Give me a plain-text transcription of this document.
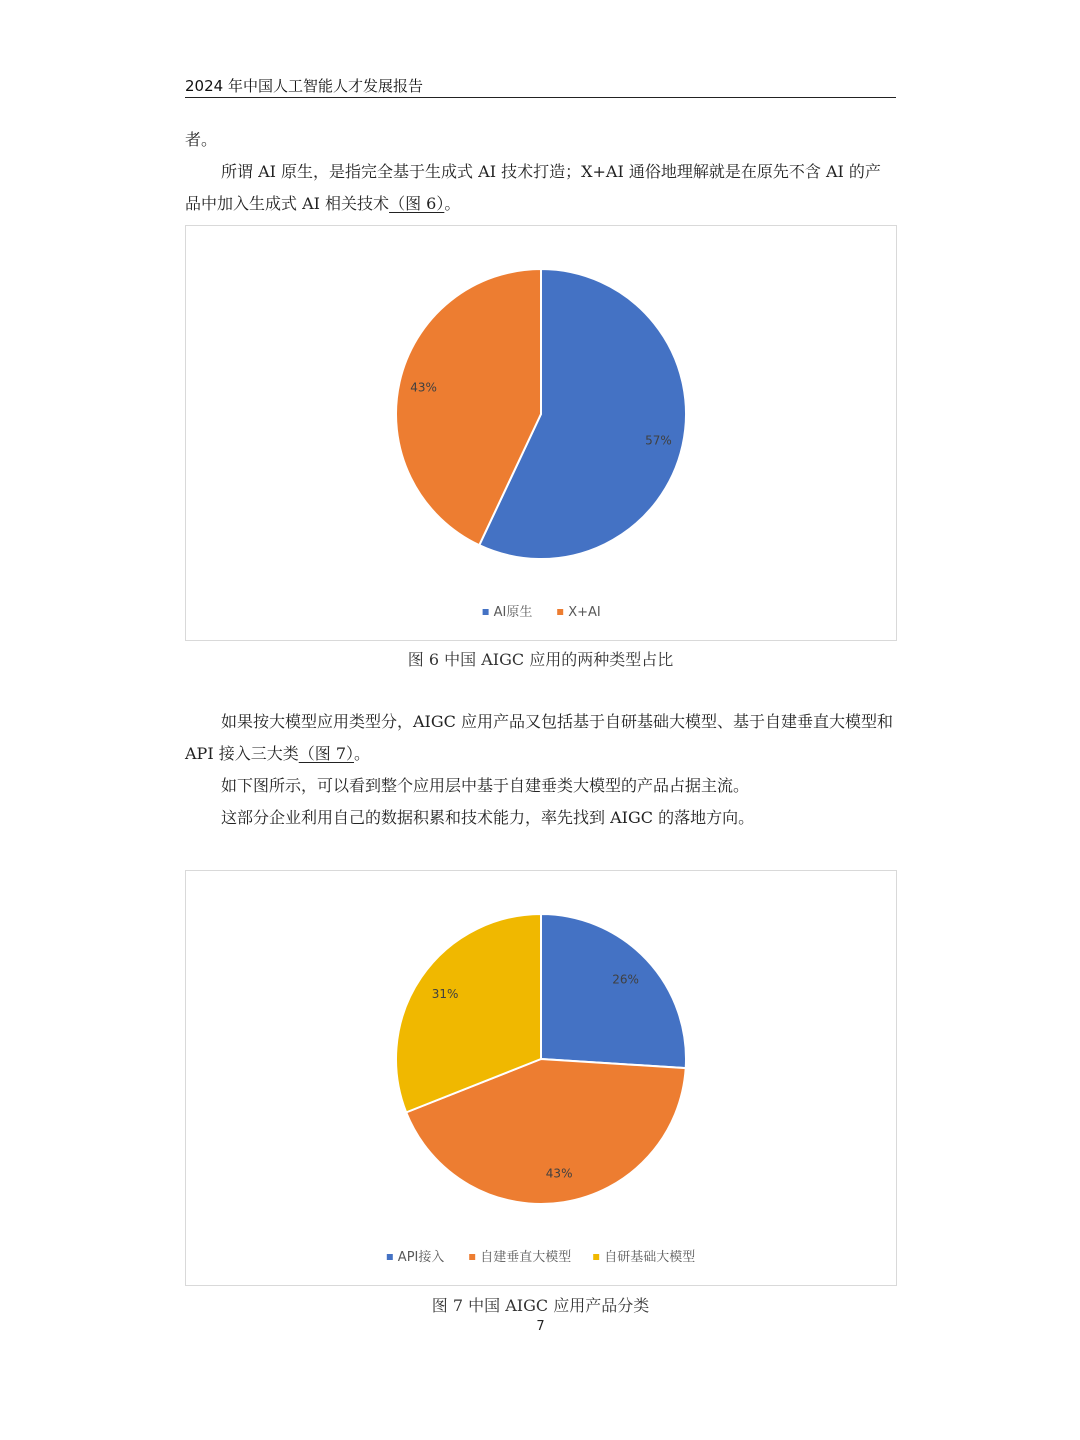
2024 年中国人工智能人才发展报告

者。

所谓 AI 原生，是指完全基于生成式 AI 技术打造；X+AI 通俗地理解就是在原先不含 AI 的产品中加入生成式 AI 相关技术（图 6）。

57%
43%
AI原生	X+AI
图 6 中国 AIGC 应用的两种类型占比

如果按大模型应用类型分，AIGC 应用产品又包括基于自研基础大模型、基于自建垂直大模型和 API 接入三大类（图 7）。

如下图所示，可以看到整个应用层中基于自建垂类大模型的产品占据主流。

这部分企业利用自己的数据积累和技术能力，率先找到 AIGC 的落地方向。

26%
43%
31%
API接入	自建垂直大模型	自研基础大模型
图 7 中国 AIGC 应用产品分类
7
